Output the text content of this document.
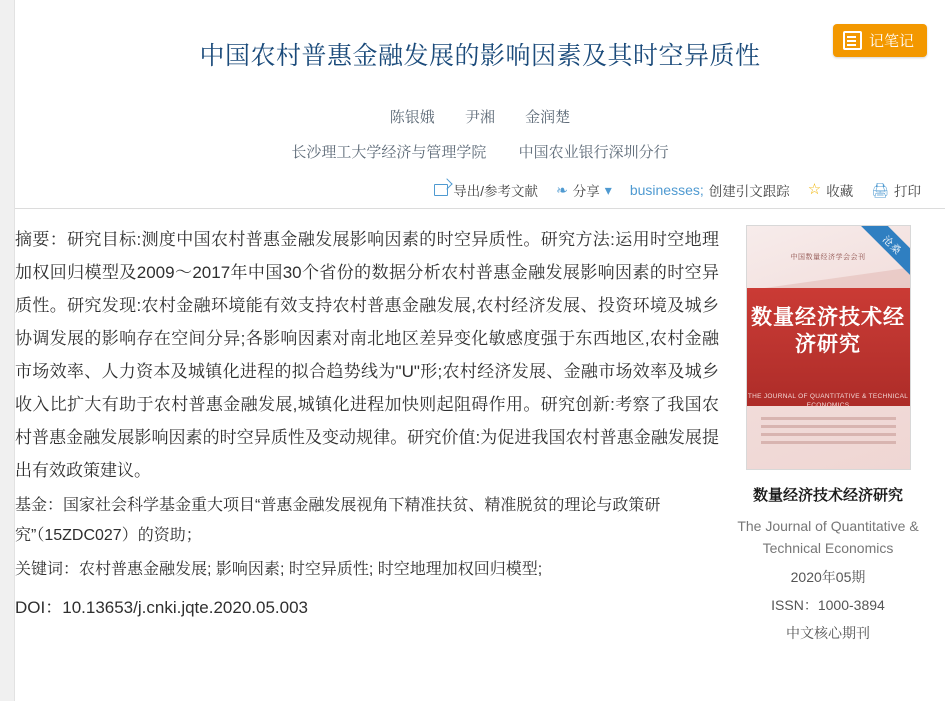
中国农村普惠金融发展的影响因素及其时空异质性
记笔记
陈银娥 尹湘 金润楚
长沙理工大学经济与管理学院 中国农业银行深圳分行
导出/参考文献 ❧ 分享 ▾ businesses; 创建引文跟踪 ☆ 收藏 🖨 打印

摘要：研究目标:测度中国农村普惠金融发展影响因素的时空异质性。研究方法:运用时空地理加权回归模型及2009～2017年中国30个省份的数据分析农村普惠金融发展影响因素的时空异质性。研究发现:农村金融环境能有效支持农村普惠金融发展,农村经济发展、投资环境及城乡协调发展的影响存在空间分异;各影响因素对南北地区差异变化敏感度强于东西地区,农村金融市场效率、人力资本及城镇化进程的拟合趋势线为"U"形;农村经济发展、金融市场效率及城乡收入比扩大有助于农村普惠金融发展,城镇化进程加快则起阻碍作用。研究创新:考察了我国农村普惠金融发展影响因素的时空异质性及变动规律。研究价值:为促进我国农村普惠金融发展提出有效政策建议。

基金：国家社会科学基金重大项目“普惠金融发展视角下精准扶贫、精准脱贫的理论与政策研究”（15ZDC027）的资助；

关键词：农村普惠金融发展; 影响因素; 时空异质性; 时空地理加权回归模型;

DOI：10.13653/j.cnki.jqte.2020.05.003

中国数量经济学会会刊
数量经济技术经济研究
THE JOURNAL OF QUANTITATIVE & TECHNICAL ECONOMICS
沧桑
数量经济技术经济研究
The Journal of Quantitative & Technical Economics
2020年05期
ISSN：1000-3894
中文核心期刊
